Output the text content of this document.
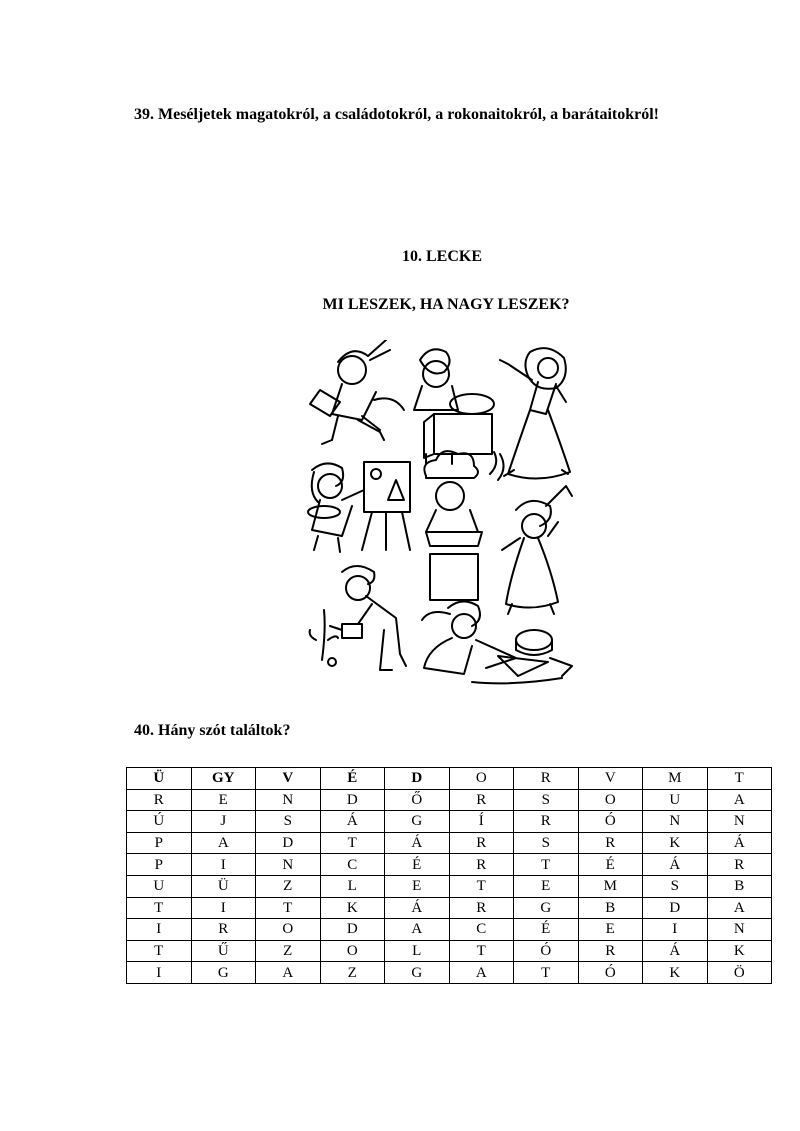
39. Meséljetek magatokról, a családotokról, a rokonaitokról, a barátaitokról!
10. LECKE
MI LESZEK, HA NAGY LESZEK?
40. Hány szót találtok?
Ü	GY	V	É	D	O	R	V	M	T
R	E	N	D	Ő	R	S	O	U	A
Ú	J	S	Á	G	Í	R	Ó	N	N
P	A	D	T	Á	R	S	R	K	Á
P	I	N	C	É	R	T	É	Á	R
U	Ü	Z	L	E	T	E	M	S	B
T	I	T	K	Á	R	G	B	D	A
I	R	O	D	A	C	É	E	I	N
T	Ű	Z	O	L	T	Ó	R	Á	K
I	G	A	Z	G	A	T	Ó	K	Ö
